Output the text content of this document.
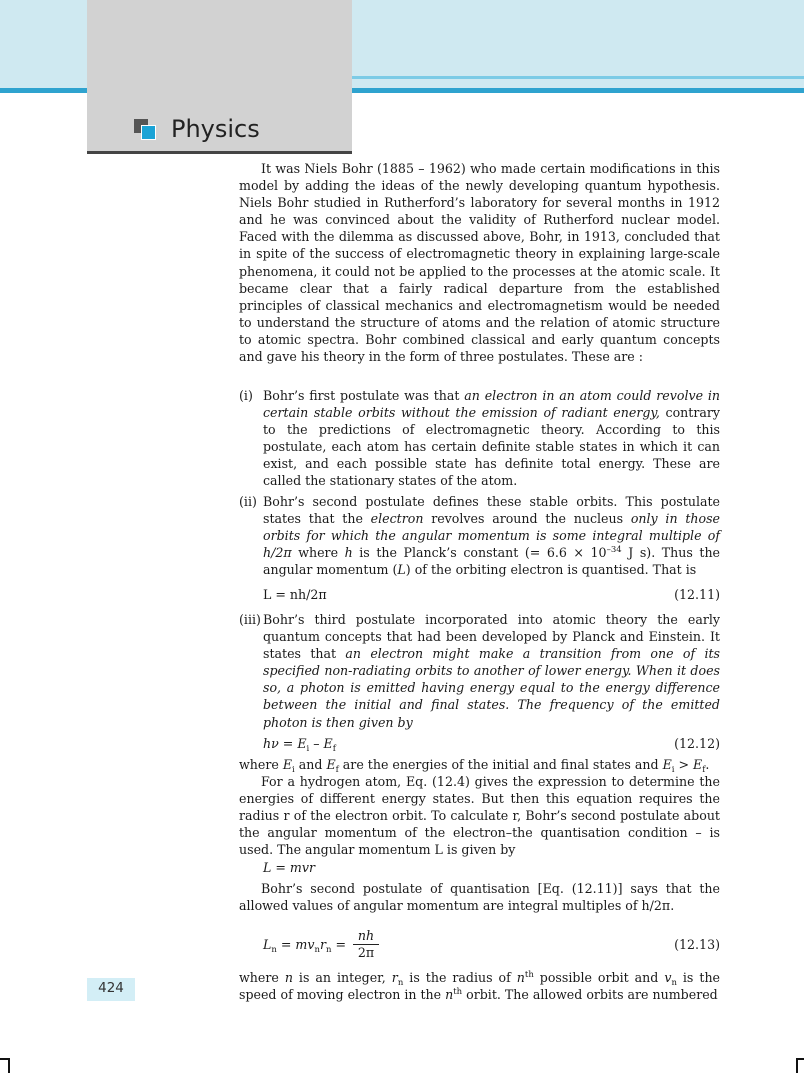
Physics

It was Niels Bohr (1885 – 1962) who made certain modifications in this model by adding the ideas of the newly developing quantum hypothesis. Niels Bohr studied in Rutherford’s laboratory for several months in 1912 and he was convinced about the validity of Rutherford nuclear model. Faced with the dilemma as discussed above, Bohr, in 1913, concluded that in spite of the success of electromagnetic theory in explaining large-scale phenomena, it could not be applied to the processes at the atomic scale. It became clear that a fairly radical departure from the established principles of classical mechanics and electromagnetism would be needed to understand the structure of atoms and the relation of atomic structure to atomic spectra. Bohr combined classical and early quantum concepts and gave his theory in the form of three postulates. These are :

(i) Bohr’s first postulate was that an electron in an atom could revolve in certain stable orbits without the emission of radiant energy, contrary to the predictions of electromagnetic theory. According to this postulate, each atom has certain definite stable states in which it can exist, and each possible state has definite total energy. These are called the stationary states of the atom.

(ii) Bohr’s second postulate defines these stable orbits. This postulate states that the electron revolves around the nucleus only in those orbits for which the angular momentum is some integral multiple of h/2π where h is the Planck’s constant (= $6.6 \times 10^{-34}$ J s). Thus the angular momentum (L) of the orbiting electron is quantised. That is

L = nh/2π	(12.11)
(iii) Bohr’s third postulate incorporated into atomic theory the early quantum concepts that had been developed by Planck and Einstein. It states that an electron might make a transition from one of its specified non-radiating orbits to another of lower energy. When it does so, a photon is emitted having energy equal to the energy difference between the initial and final states. The frequency of the emitted photon is then given by

$h\nu = E_i - E_f$	(12.12)

where $E_i$ and $E_f$ are the energies of the initial and final states and $E_i > E_f$.

For a hydrogen atom, Eq. (12.4) gives the expression to determine the energies of different energy states. But then this equation requires the radius r of the electron orbit. To calculate r, Bohr’s second postulate about the angular momentum of the electron–the quantisation condition – is used. The angular momentum L is given by

L = mvr

Bohr’s second postulate of quantisation [Eq. (12.11)] says that the allowed values of angular momentum are integral multiples of h/2π.

$L_n = mv_nr_n = \frac{nh}{2\pi}$	(12.13)

where n is an integer, $r_n$ is the radius of $n^{th}$ possible orbit and $v_n$ is the speed of moving electron in the $n^{th}$ orbit. The allowed orbits are numbered

424
